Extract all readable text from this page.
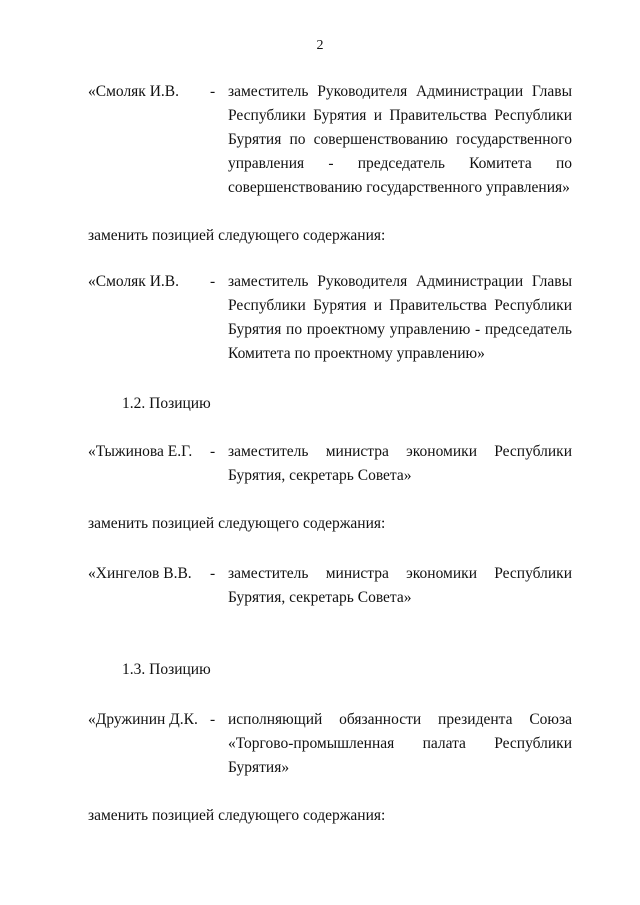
2
«Смоляк И.В. - заместитель Руководителя Администрации Главы Республики Бурятия и Правительства Республики Бурятия по совершенствованию государственного управления - председатель Комитета по совершенствованию государственного управления»
заменить позицией следующего содержания:
«Смоляк И.В. - заместитель Руководителя Администрации Главы Республики Бурятия и Правительства Республики Бурятия по проектному управлению - председатель Комитета по проектному управлению»
1.2. Позицию
«Тыжинова Е.Г. - заместитель министра экономики Республики Бурятия, секретарь Совета»
заменить позицией следующего содержания:
«Хингелов В.В. - заместитель министра экономики Республики Бурятия, секретарь Совета»
1.3. Позицию
«Дружинин Д.К. - исполняющий обязанности президента Союза «Торгово-промышленная палата Республики Бурятия»
заменить позицией следующего содержания:
